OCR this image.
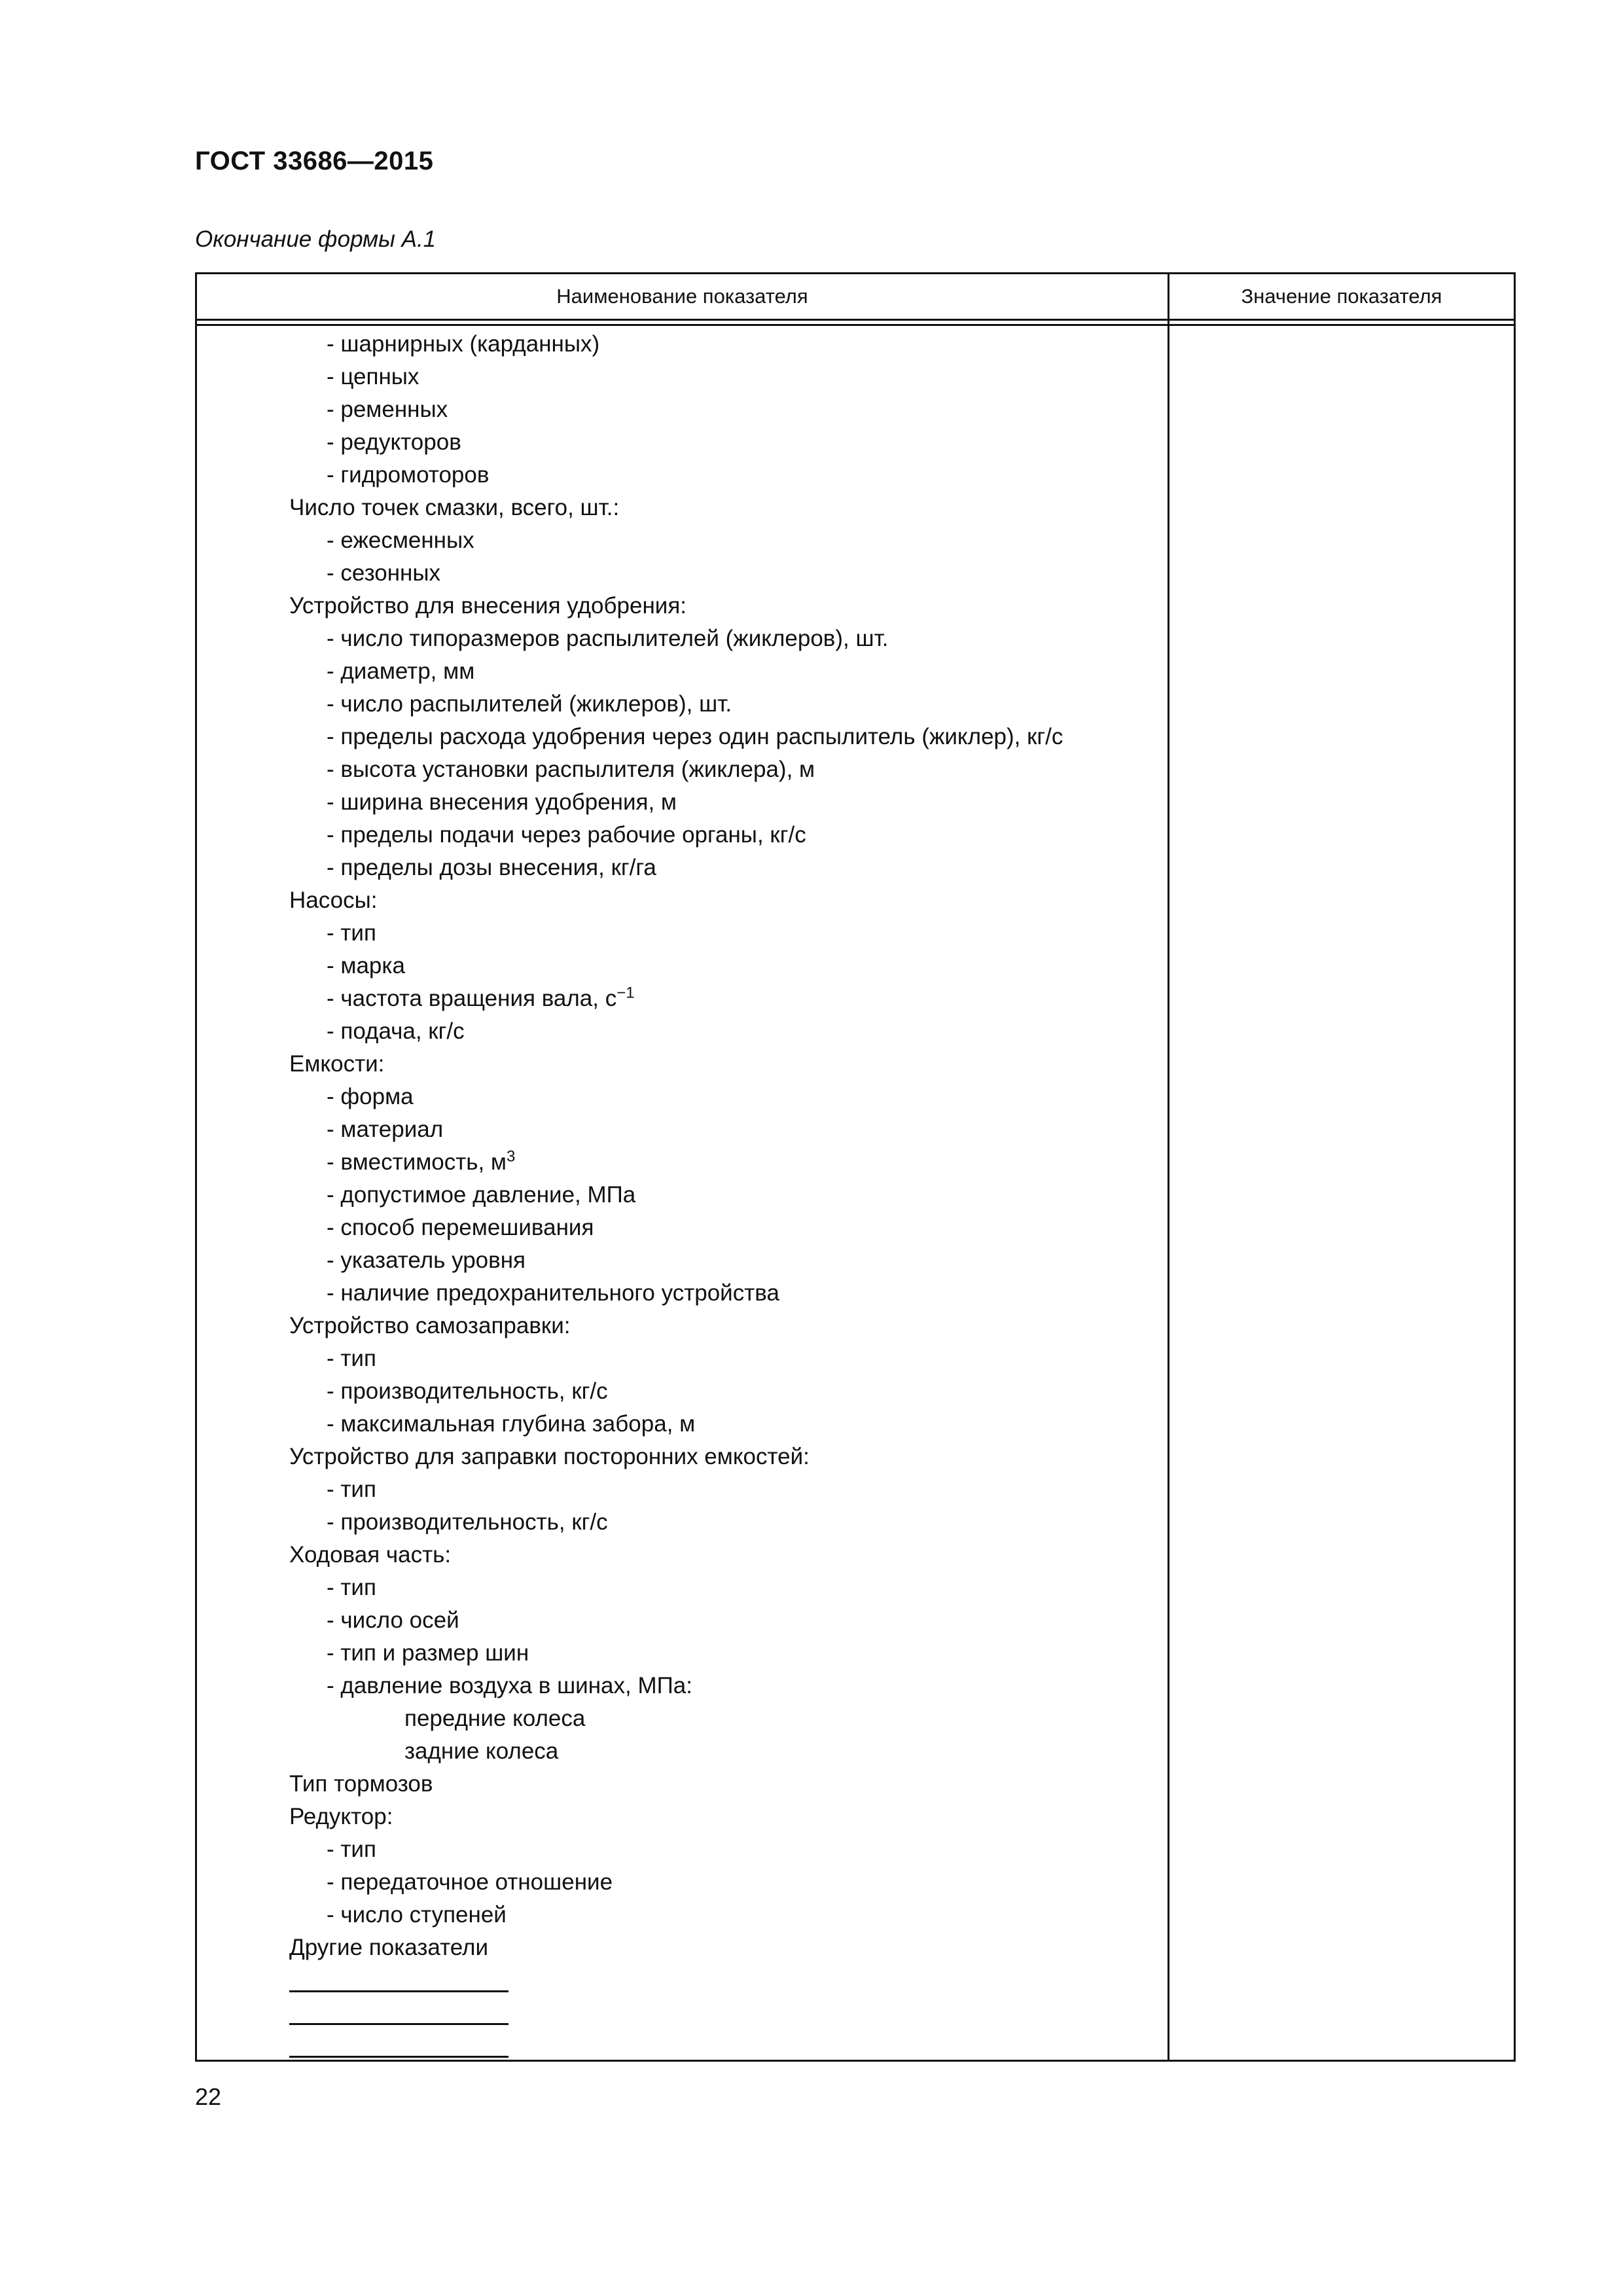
ГОСТ 33686—2015
Окончание формы А.1
Наименование показателя	Значение показателя
- шарнирных (карданных)
- цепных
- ременных
- редукторов
- гидромоторов
Число точек смазки, всего, шт.:
- ежесменных
- сезонных
Устройство для внесения удобрения:
- число типоразмеров распылителей (жиклеров), шт.
- диаметр, мм
- число распылителей (жиклеров), шт.
- пределы расхода удобрения через один распылитель (жиклер), кг/с
- высота установки распылителя (жиклера), м
- ширина внесения удобрения, м
- пределы подачи через рабочие органы, кг/с
- пределы дозы внесения, кг/га
Насосы:
- тип
- марка
- частота вращения вала, $с^{-1}$
- подача, кг/с
Емкости:
- форма
- материал
- вместимость, $м^3$
- допустимое давление, МПа
- способ перемешивания
- указатель уровня
- наличие предохранительного устройства
Устройство самозаправки:
- тип
- производительность, кг/с
- максимальная глубина забора, м
Устройство для заправки посторонних емкостей:
- тип
- производительность, кг/с
Ходовая часть:
- тип
- число осей
- тип и размер шин
- давление воздуха в шинах, МПа:
передние колеса
задние колеса
Тип тормозов
Редуктор:
- тип
- передаточное отношение
- число ступеней
Другие показатели
22
